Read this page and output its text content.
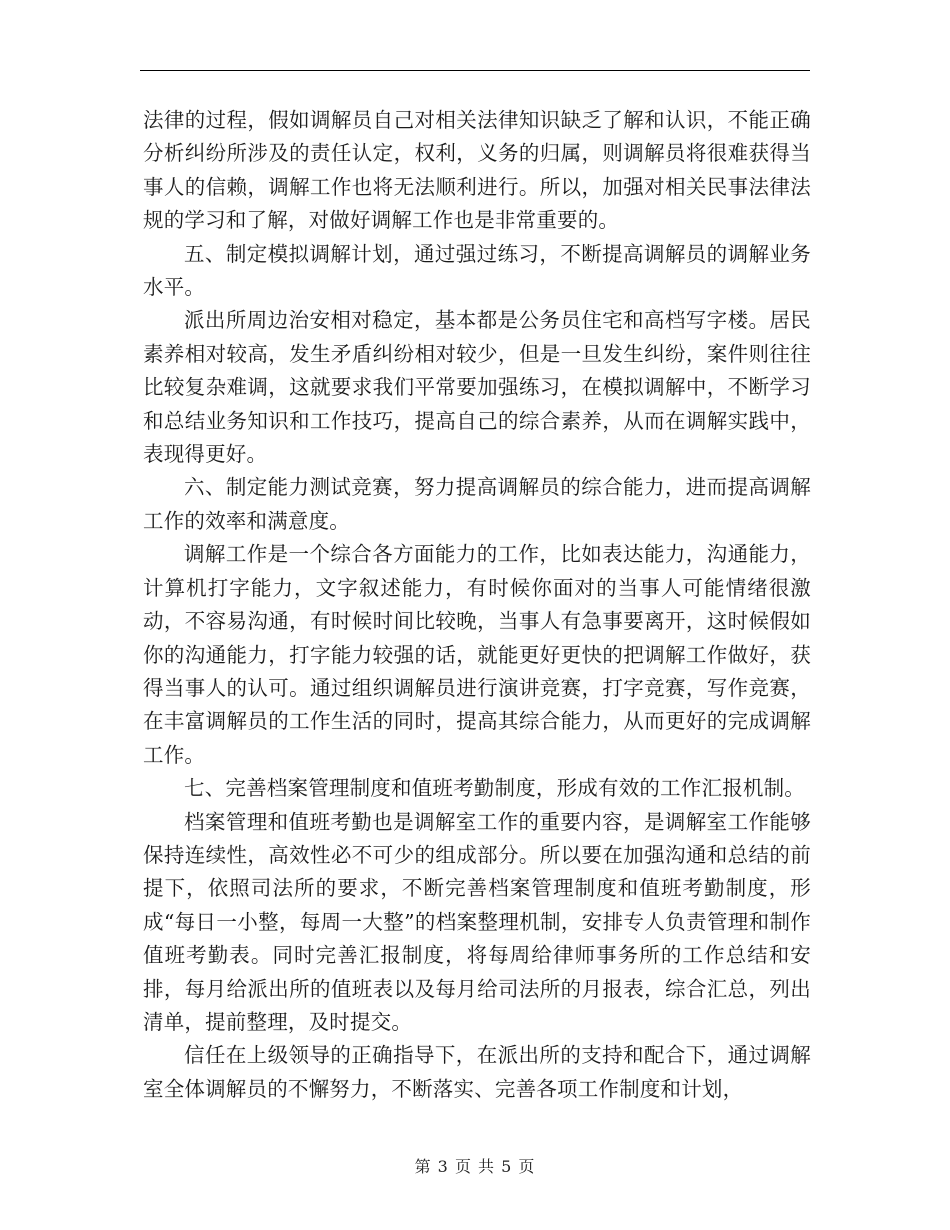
法律的过程，假如调解员自己对相关法律知识缺乏了解和认识，不能正确分析纠纷所涉及的责任认定，权利，义务的归属，则调解员将很难获得当事人的信赖，调解工作也将无法顺利进行。所以，加强对相关民事法律法规的学习和了解，对做好调解工作也是非常重要的。

五、制定模拟调解计划，通过强过练习，不断提高调解员的调解业务水平。

派出所周边治安相对稳定，基本都是公务员住宅和高档写字楼。居民素养相对较高，发生矛盾纠纷相对较少，但是一旦发生纠纷，案件则往往比较复杂难调，这就要求我们平常要加强练习，在模拟调解中，不断学习和总结业务知识和工作技巧，提高自己的综合素养，从而在调解实践中，表现得更好。

六、制定能力测试竞赛，努力提高调解员的综合能力，进而提高调解工作的效率和满意度。

调解工作是一个综合各方面能力的工作，比如表达能力，沟通能力，计算机打字能力，文字叙述能力，有时候你面对的当事人可能情绪很激动，不容易沟通，有时候时间比较晚，当事人有急事要离开，这时候假如你的沟通能力，打字能力较强的话，就能更好更快的把调解工作做好，获得当事人的认可。通过组织调解员进行演讲竞赛，打字竞赛，写作竞赛，在丰富调解员的工作生活的同时，提高其综合能力，从而更好的完成调解工作。

七、完善档案管理制度和值班考勤制度，形成有效的工作汇报机制。

档案管理和值班考勤也是调解室工作的重要内容，是调解室工作能够保持连续性，高效性必不可少的组成部分。所以要在加强沟通和总结的前提下，依照司法所的要求，不断完善档案管理制度和值班考勤制度，形成“每日一小整，每周一大整”的档案整理机制，安排专人负责管理和制作值班考勤表。同时完善汇报制度，将每周给律师事务所的工作总结和安排，每月给派出所的值班表以及每月给司法所的月报表，综合汇总，列出清单，提前整理，及时提交。

信任在上级领导的正确指导下，在派出所的支持和配合下，通过调解室全体调解员的不懈努力，不断落实、完善各项工作制度和计划，

第 3 页 共 5 页
